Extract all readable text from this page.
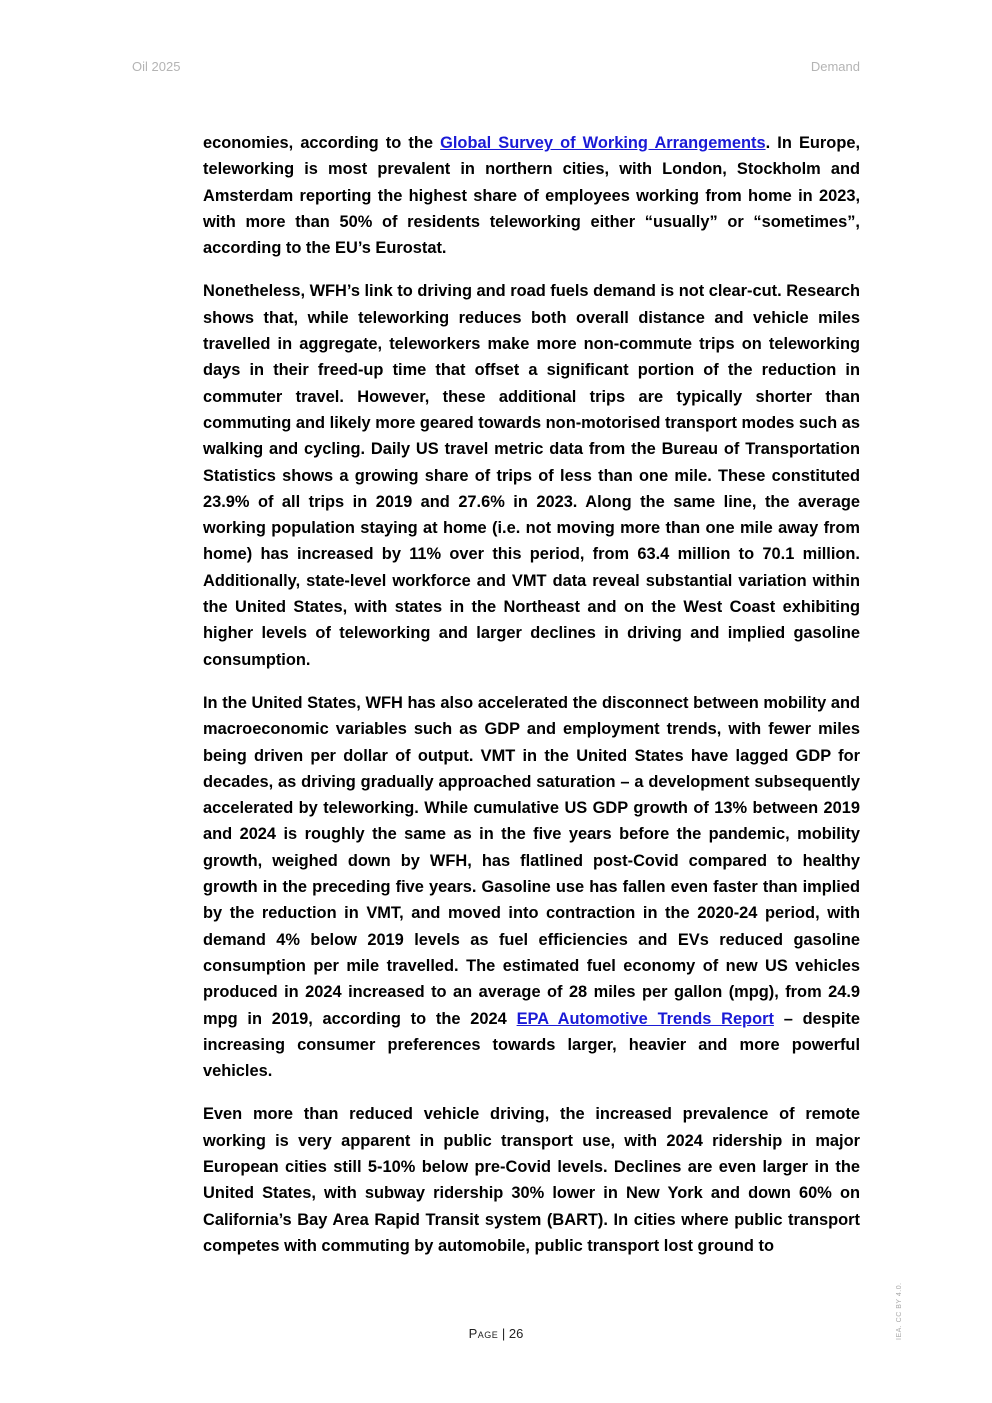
Oil 2025	Demand

economies, according to the Global Survey of Working Arrangements. In Europe, teleworking is most prevalent in northern cities, with London, Stockholm and Amsterdam reporting the highest share of employees working from home in 2023, with more than 50% of residents teleworking either “usually” or “sometimes”, according to the EU’s Eurostat.

Nonetheless, WFH’s link to driving and road fuels demand is not clear-cut. Research shows that, while teleworking reduces both overall distance and vehicle miles travelled in aggregate, teleworkers make more non-commute trips on teleworking days in their freed-up time that offset a significant portion of the reduction in commuter travel. However, these additional trips are typically shorter than commuting and likely more geared towards non-motorised transport modes such as walking and cycling. Daily US travel metric data from the Bureau of Transportation Statistics shows a growing share of trips of less than one mile. These constituted 23.9% of all trips in 2019 and 27.6% in 2023. Along the same line, the average working population staying at home (i.e. not moving more than one mile away from home) has increased by 11% over this period, from 63.4 million to 70.1 million. Additionally, state-level workforce and VMT data reveal substantial variation within the United States, with states in the Northeast and on the West Coast exhibiting higher levels of teleworking and larger declines in driving and implied gasoline consumption.

In the United States, WFH has also accelerated the disconnect between mobility and macroeconomic variables such as GDP and employment trends, with fewer miles being driven per dollar of output. VMT in the United States have lagged GDP for decades, as driving gradually approached saturation – a development subsequently accelerated by teleworking. While cumulative US GDP growth of 13% between 2019 and 2024 is roughly the same as in the five years before the pandemic, mobility growth, weighed down by WFH, has flatlined post-Covid compared to healthy growth in the preceding five years. Gasoline use has fallen even faster than implied by the reduction in VMT, and moved into contraction in the 2020-24 period, with demand 4% below 2019 levels as fuel efficiencies and EVs reduced gasoline consumption per mile travelled. The estimated fuel economy of new US vehicles produced in 2024 increased to an average of 28 miles per gallon (mpg), from 24.9 mpg in 2019, according to the 2024 EPA Automotive Trends Report – despite increasing consumer preferences towards larger, heavier and more powerful vehicles.

Even more than reduced vehicle driving, the increased prevalence of remote working is very apparent in public transport use, with 2024 ridership in major European cities still 5-10% below pre-Covid levels. Declines are even larger in the United States, with subway ridership 30% lower in New York and down 60% on California’s Bay Area Rapid Transit system (BART). In cities where public transport competes with commuting by automobile, public transport lost ground to

Page | 26	IEA. CC BY 4.0.
